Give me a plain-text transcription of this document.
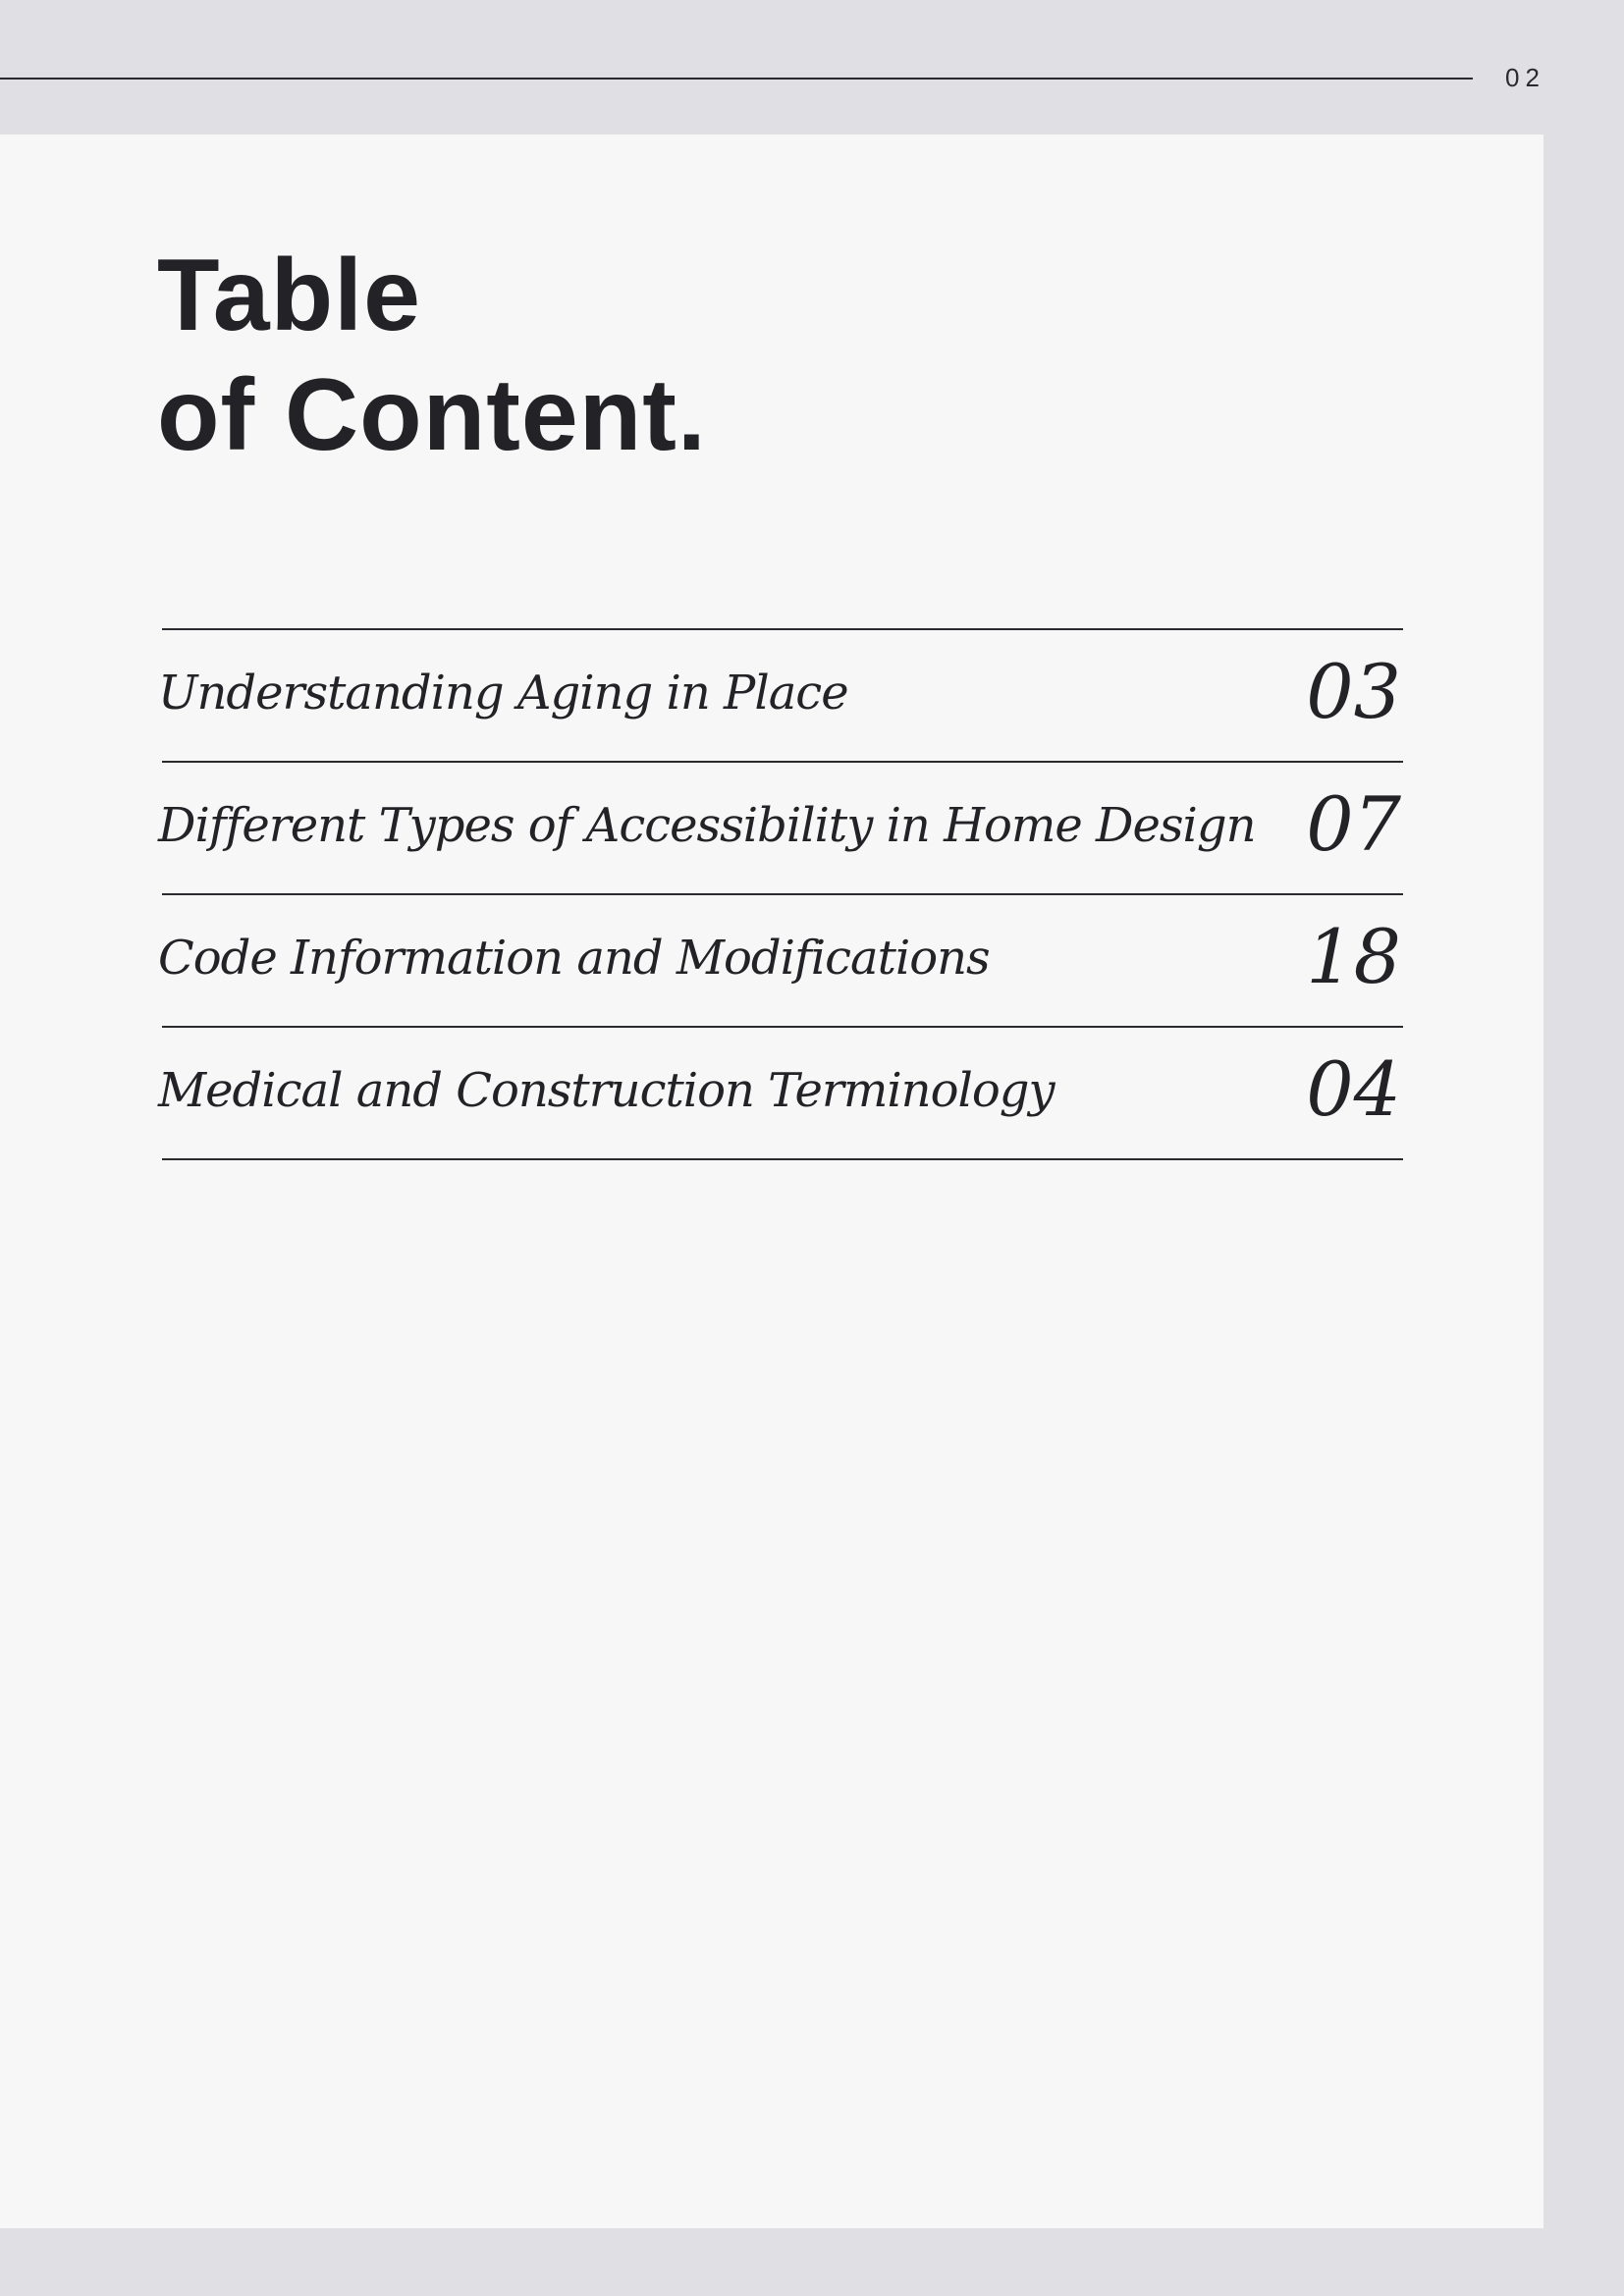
02
Table
of Content.
Understanding Aging in Place	03
Different Types of Accessibility in Home Design 07
Code Information and Modifications	18
Medical and Construction Terminology	04
